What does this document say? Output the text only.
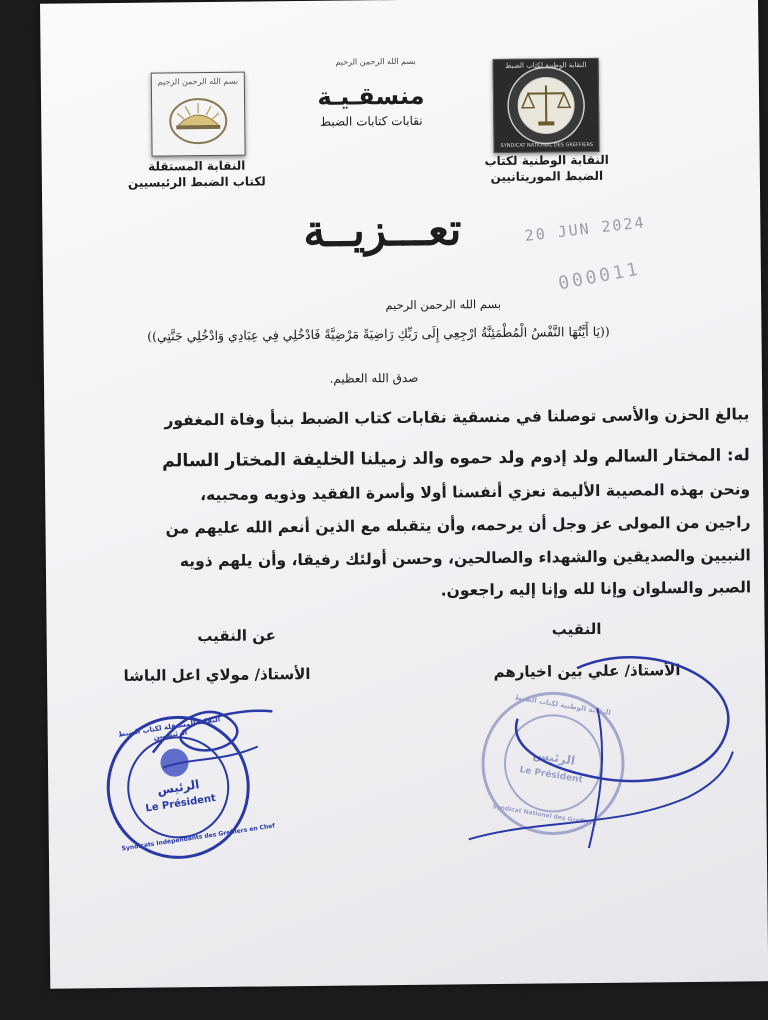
بسم الله الرحمن الرحيم
النقابة المستقلة
لكتاب الضبط الرئيسيين
بسم الله الرحمن الرحيم
منسقـيـة
نقابات كتابات الضبط
النقابة الوطنية لكتاب الضبط
SYNDICAT NATIONAL DES GREFFIERS
النقابة الوطنية لكتاب
الضبط الموريتانيين
تعـــزيــة	20 JUN 2024
000011
بسم الله الرحمن الرحيم
((يَا أَيَّتُهَا النَّفْسُ الْمُطْمَئِنَّةُ ارْجِعِي إِلَى رَبِّكِ رَاضِيَةً مَرْضِيَّةً فَادْخُلِي فِي عِبَادِي وَادْخُلِي جَنَّتِي))
صدق الله العظيم.
ببالغ الحزن والأسى توصلنا في منسقية نقابات كتاب الضبط بنبأ وفاة المغفور
له: المختار السالم ولد إدوم ولد حموه والد زميلنا الخليفة المختار السالم
ونحن بهذه المصيبة الأليمة نعزي أنفسنا أولا وأسرة الفقيد وذويه ومحبيه،
راجين من المولى عز وجل أن يرحمه، وأن يتقبله مع الذين أنعم الله عليهم من
النبيين والصديقين والشهداء والصالحين، وحسن أولئك رفيقا، وأن يلهم ذويه
الصبر والسلوان وإنا لله وإنا إليه راجعون.
النقيب
عن النقيب
الأستاذ/ علي بين اخيارهم
الأستاذ/ مولاي اعل الباشا
النقابة المستقلة لكتاب الضبط الرئيسيين
الرئيس
Le Président
Syndicats Indépendants des Greffiers en Chef
النقابة الوطنية لكتاب الضبط
الرئيس
Le Président
Syndicat National des Greffiers
